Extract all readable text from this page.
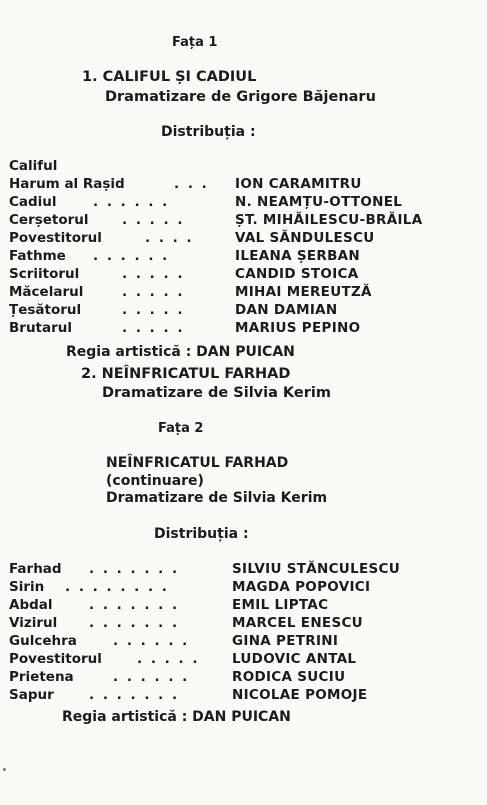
Fața 1
1. CALIFUL ȘI CADIUL
Dramatizare de Grigore Băjenaru
Distribuția :
Califul
Harum al Rașid	. . . ION CARAMITRU
Cadiul	. . . . . .	N. NEAMȚU-OTTONEL
Cerșetorul . . . . .	ȘT. MIHĂILESCU-BRĂILA
Povestitorul	. . . .	VAL SĂNDULESCU
Fathme . . . . . .	ILEANA ȘERBAN
Scriitorul	. . . . .	CANDID STOICA
Măcelarul	. . . . .	MIHAI MEREUTZĂ
Țesătorul	. . . . .	DAN DAMIAN
Brutarul	. . . . .	MARIUS PEPINO
Regia artistică : DAN PUICAN
2. NEÎNFRICATUL FARHAD
Dramatizare de Silvia Kerim
Fața 2
NEÎNFRICATUL FARHAD
(continuare)
Dramatizare de Silvia Kerim
Distribuția :
Farhad . . . . . . .	SILVIU STĂNCULESCU
Sirin . . . . . . . .	MAGDA POPOVICI
Abdal	. . . . . . .	EMIL LIPTAC
Vizirul . . . . . . .	MARCEL ENESCU
Gulcehra	. . . . . .	GINA PETRINI
Povestitorul	. . . . . LUDOVIC ANTAL
Prietena	. . . . . .	RODICA SUCIU
Sapur	. . . . . . .	NICOLAE POMOJE
Regia artistică : DAN PUICAN
